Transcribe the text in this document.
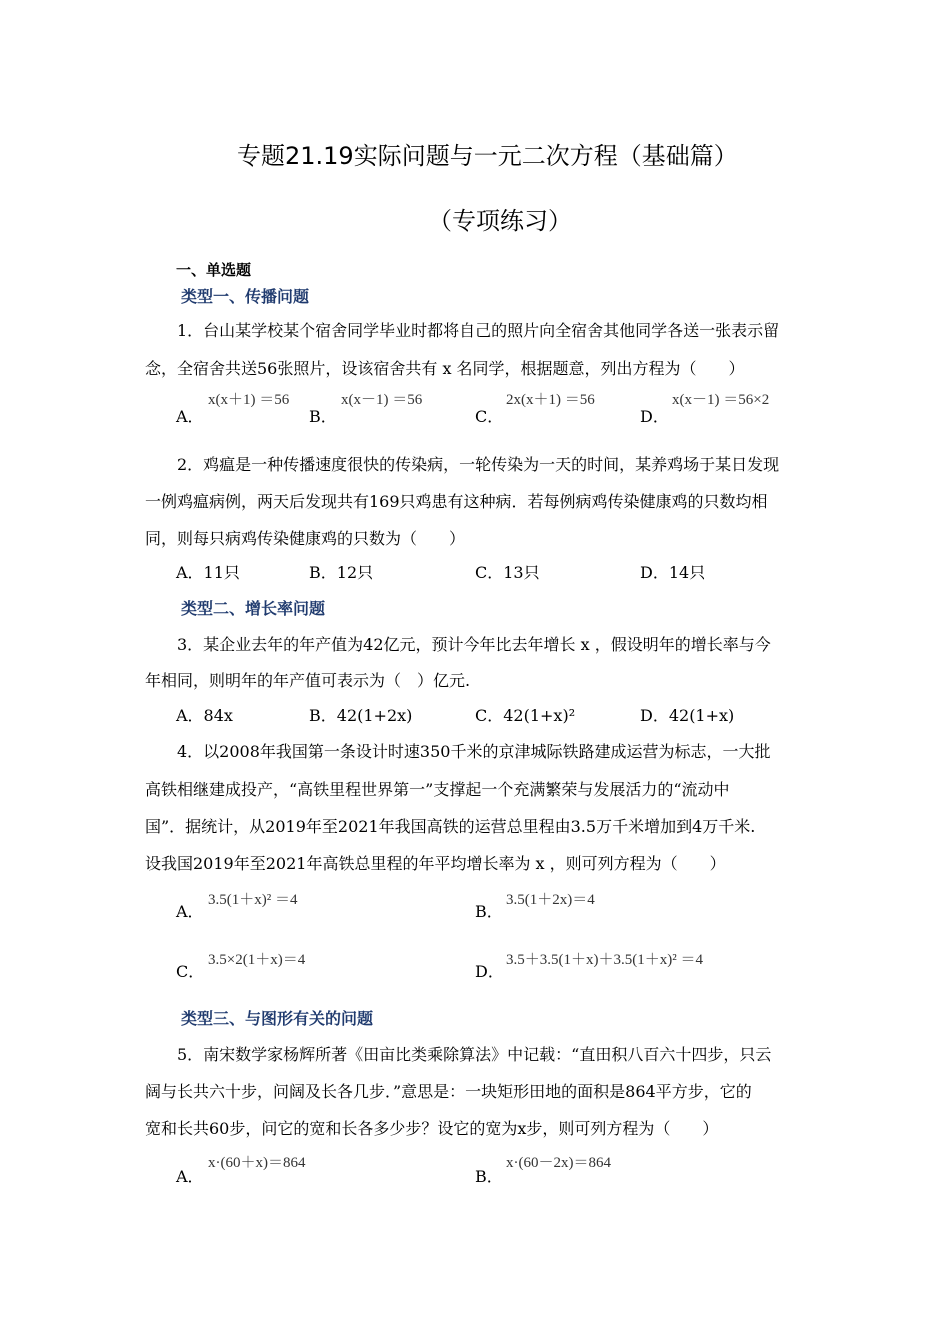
专题21.19实际问题与一元二次方程（基础篇）
（专项练习）
一、单选题
类型一、传播问题
1．台山某学校某个宿舍同学毕业时都将自己的照片向全宿舍其他同学各送一张表示留
念，全宿舍共送56张照片，设该宿舍共有 x 名同学，根据题意，列出方程为（　　）
A．
x(x＋1) ＝56
B．
x(x－1) ＝56
C．
2x(x＋1) ＝56
D．
x(x－1) ＝56×2
2．鸡瘟是一种传播速度很快的传染病，一轮传染为一天的时间，某养鸡场于某日发现
一例鸡瘟病例，两天后发现共有169只鸡患有这种病．若每例病鸡传染健康鸡的只数均相
同，则每只病鸡传染健康鸡的只数为（　　）
A．11只	B．12只	C．13只	D．14只
类型二、增长率问题
3．某企业去年的年产值为42亿元，预计今年比去年增长 x ，假设明年的增长率与今
年相同，则明年的年产值可表示为（　）亿元.
A．84x	B．42(1+2x)	C．42(1+x)²	D．42(1+x)
4．以2008年我国第一条设计时速350千米的京津城际铁路建成运营为标志，一大批
高铁相继建成投产，“高铁里程世界第一”支撑起一个充满繁荣与发展活力的“流动中
国”．据统计，从2019年至2021年我国高铁的运营总里程由3.5万千米增加到4万千米.
设我国2019年至2021年高铁总里程的年平均增长率为 x ，则可列方程为（　　）
A．
3.5(1＋x)² ＝4
B．
3.5(1＋2x)＝4
C．
3.5×2(1＋x)＝4
D．
3.5＋3.5(1＋x)＋3.5(1＋x)² ＝4
类型三、与图形有关的问题
5．南宋数学家杨辉所著《田亩比类乘除算法》中记载：“直田积八百六十四步，只云
阔与长共六十步，问阔及长各几步．”意思是：一块矩形田地的面积是864平方步，它的
宽和长共60步，问它的宽和长各多少步？设它的宽为x步，则可列方程为（　　）
A．
x·(60＋x)＝864
B．
x·(60－2x)＝864
